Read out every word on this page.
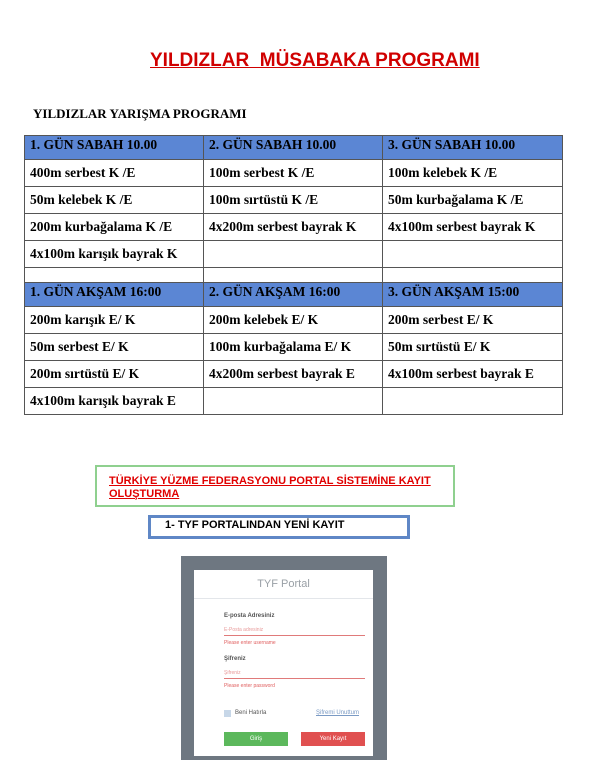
YILDIZLAR  MÜSABAKA PROGRAMI
YILDIZLAR YARIŞMA PROGRAMI
1. GÜN SABAH 10.00	2. GÜN SABAH 10.00	3. GÜN SABAH 10.00
400m serbest K /E	100m serbest K /E	100m kelebek K /E
50m kelebek K /E	100m sırtüstü K /E	50m kurbağalama K /E
200m kurbağalama K /E	4x200m serbest bayrak K	4x100m serbest bayrak K
4x100m karışık bayrak K		

1. GÜN AKŞAM 16:00	2. GÜN AKŞAM 16:00	3. GÜN AKŞAM 15:00
200m karışık E/ K	200m kelebek E/ K	200m serbest E/ K
50m serbest E/ K	100m kurbağalama E/ K	50m sırtüstü E/ K
200m sırtüstü E/ K	4x200m serbest bayrak E	4x100m serbest bayrak E
4x100m karışık bayrak E		
TÜRKİYE YÜZME FEDERASYONU PORTAL SİSTEMİNE KAYIT OLUŞTURMA
1- TYF PORTALINDAN YENİ KAYIT
TYF Portal
E-posta Adresiniz
E-Posta adresiniz
Please enter username
Şifreniz
Şifreniz
Please enter password
Beni Hatırla	Şifremi Unuttum
Giriş	Yeni Kayıt
